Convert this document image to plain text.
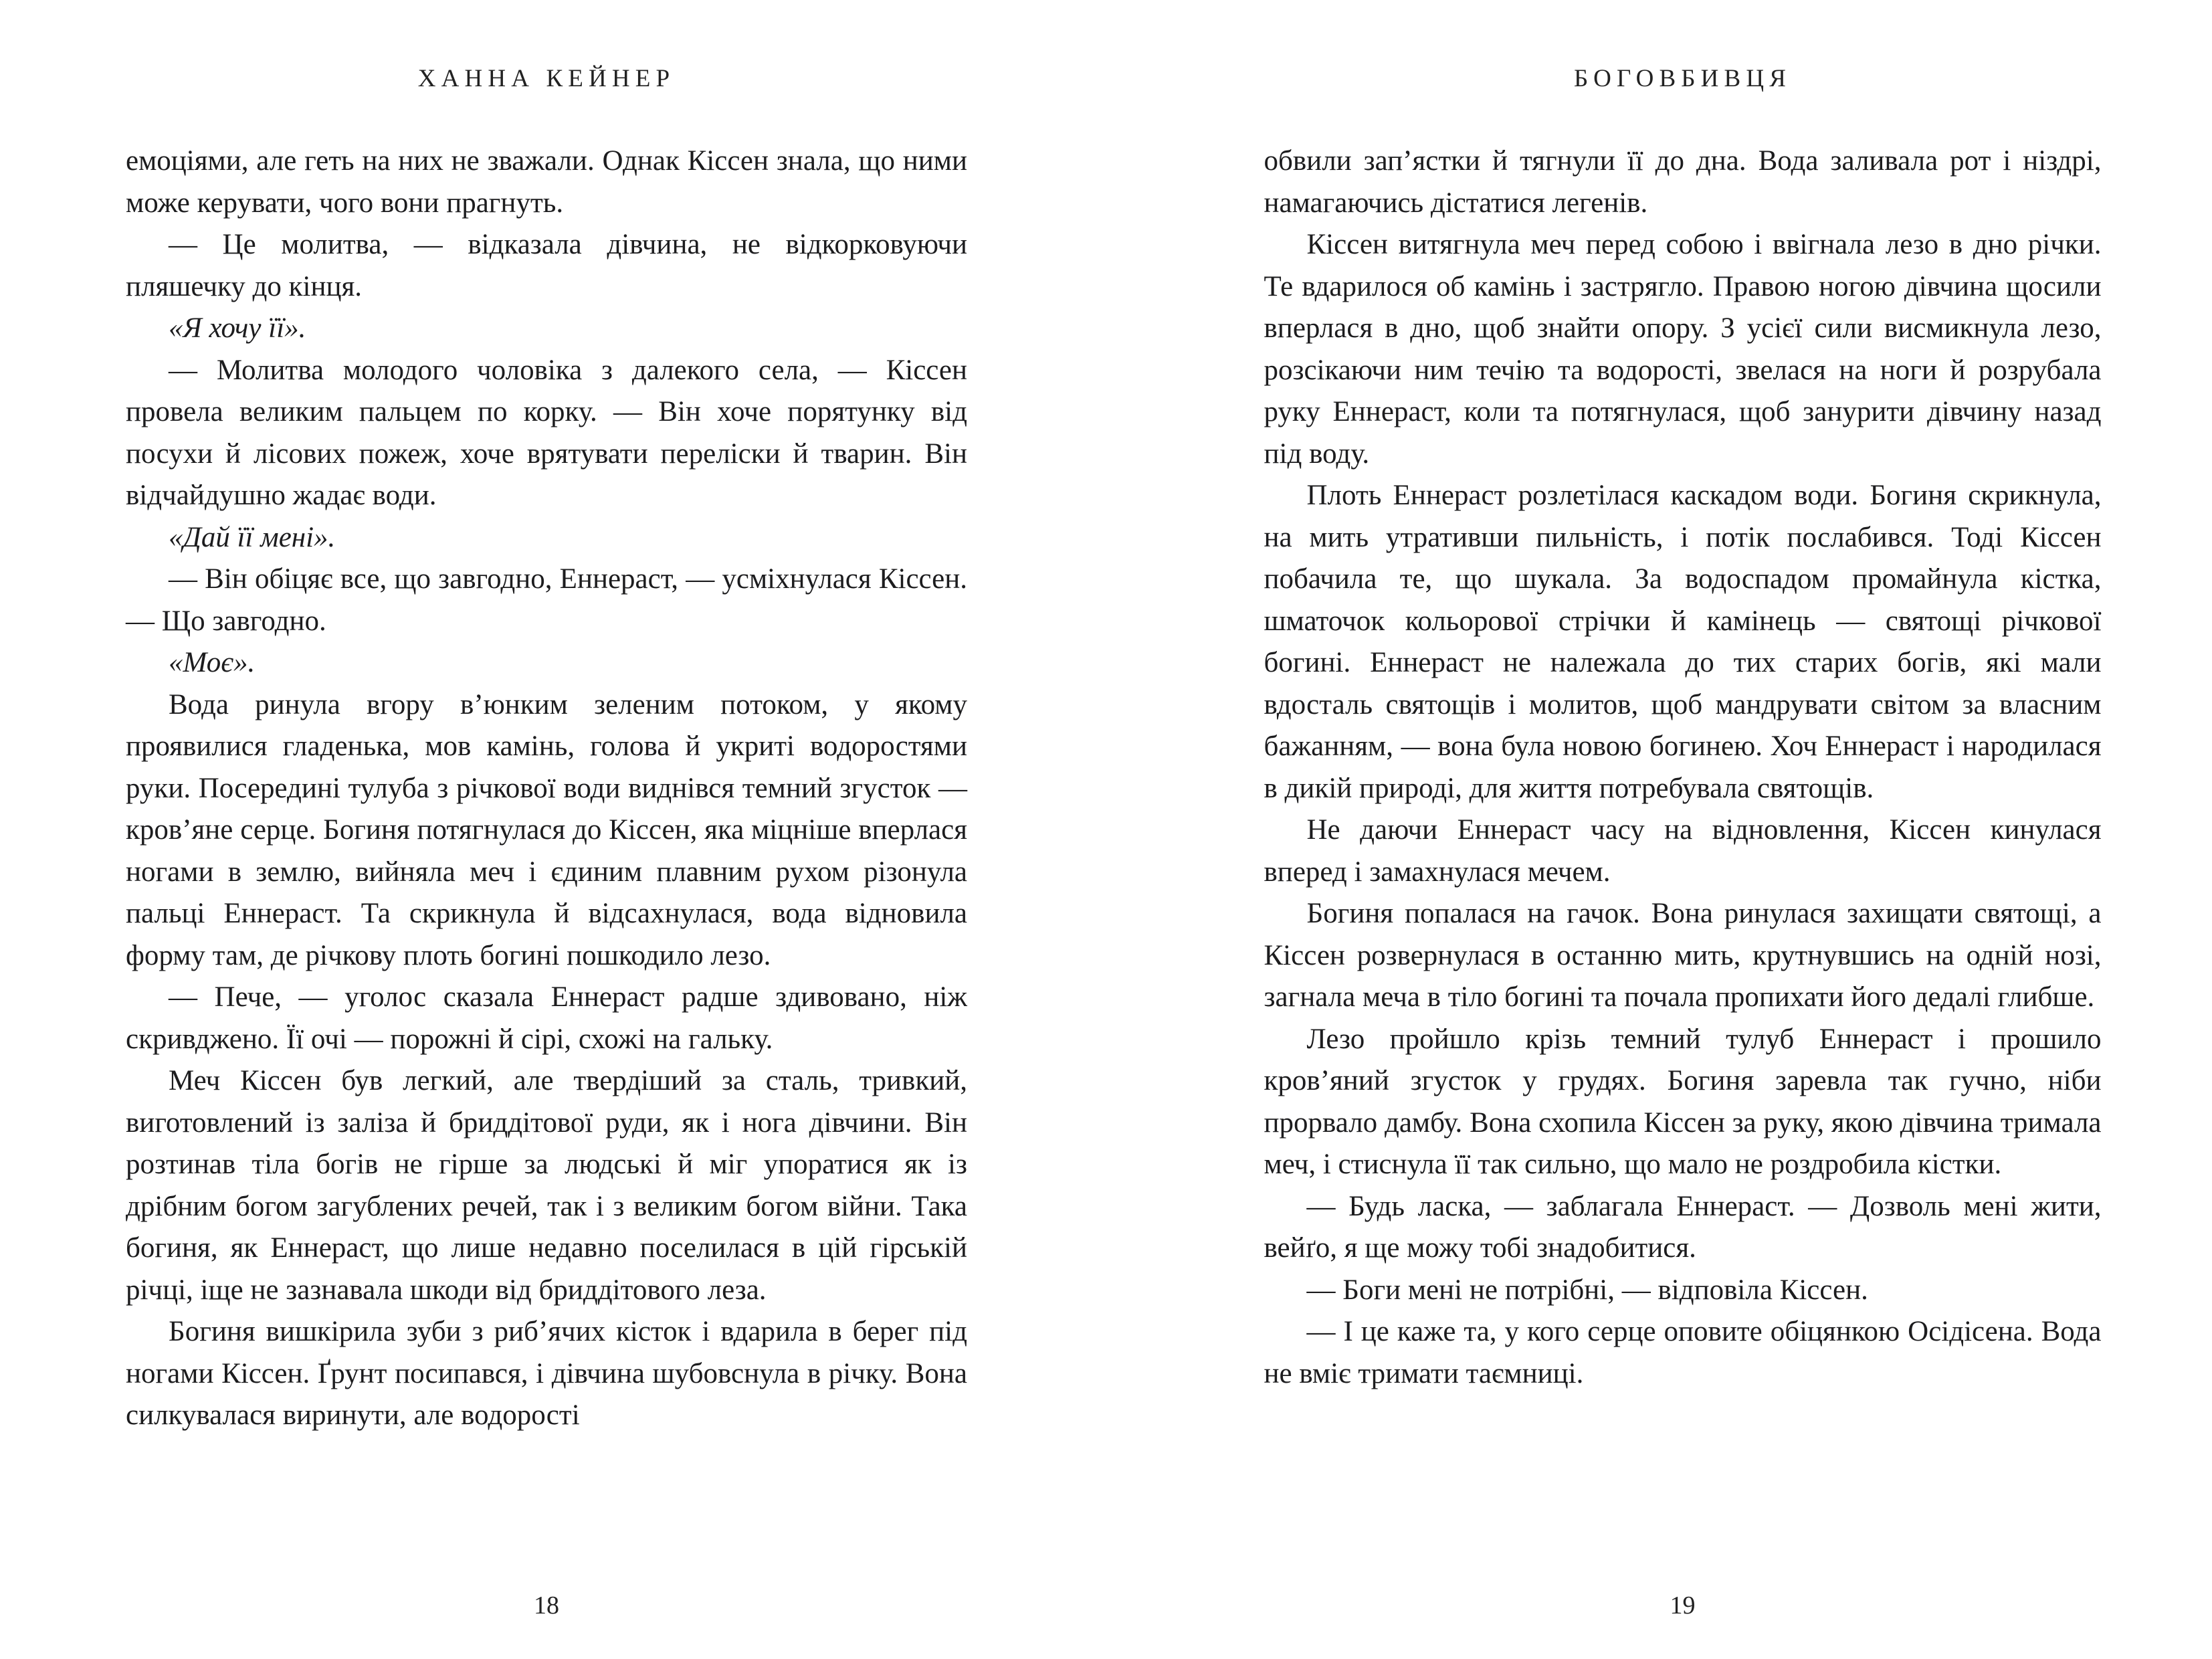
ХАННА КЕЙНЕР

емоціями, але геть на них не зважали. Однак Кіссен знала, що ними може керувати, чого вони прагнуть.

— Це молитва, — відказала дівчина, не відкорковуючи пляшечку до кінця.

«Я хочу її».

— Молитва молодого чоловіка з далекого села, — Кіссен провела великим пальцем по корку. — Він хоче порятунку від посухи й лісових пожеж, хоче врятувати переліски й тварин. Він відчайдушно жадає води.

«Дай її мені».

— Він обіцяє все, що завгодно, Еннераст, — усміхнулася Кіссен. — Що завгодно.

«Моє».

Вода ринула вгору в’юнким зеленим потоком, у якому проявилися гладенька, мов камінь, голова й укриті водоростями руки. Посередині тулуба з річкової води виднівся темний згусток — кров’яне серце. Богиня потягнулася до Кіссен, яка міцніше вперлася ногами в землю, вийняла меч і єдиним плавним рухом різонула пальці Еннераст. Та скрикнула й відсахнулася, вода відновила форму там, де річкову плоть богині пошкодило лезо.

— Пече, — уголос сказала Еннераст радше здивовано, ніж скривджено. Її очі — порожні й сірі, схожі на гальку.

Меч Кіссен був легкий, але твердіший за сталь, тривкий, виготовлений із заліза й бриддітової руди, як і нога дівчини. Він розтинав тіла богів не гірше за людські й міг упоратися як із дрібним богом загублених речей, так і з великим богом війни. Така богиня, як Еннераст, що лише недавно поселилася в цій гірській річці, іще не зазнавала шкоди від бриддітового леза.

Богиня вишкірила зуби з риб’ячих кісток і вдарила в берег під ногами Кіссен. Ґрунт посипався, і дівчина шубовснула в річку. Вона силкувалася виринути, але водорості

18
БОГОВБИВЦЯ

обвили зап’ястки й тягнули її до дна. Вода заливала рот і ніздрі, намагаючись дістатися легенів.

Кіссен витягнула меч перед собою і ввігнала лезо в дно річки. Те вдарилося об камінь і застрягло. Правою ногою дівчина щосили вперлася в дно, щоб знайти опору. З усієї сили висмикнула лезо, розсікаючи ним течію та водорості, звелася на ноги й розрубала руку Еннераст, коли та потягнулася, щоб занурити дівчину назад під воду.

Плоть Еннераст розлетілася каскадом води. Богиня скрикнула, на мить утративши пильність, і потік послабився. Тоді Кіссен побачила те, що шукала. За водоспадом промайнула кістка, шматочок кольорової стрічки й камінець — святощі річкової богині. Еннераст не належала до тих старих богів, які мали вдосталь святощів і молитов, щоб мандрувати світом за власним бажанням, — вона була новою богинею. Хоч Еннераст і народилася в дикій природі, для життя потребувала святощів.

Не даючи Еннераст часу на відновлення, Кіссен кинулася вперед і замахнулася мечем.

Богиня попалася на гачок. Вона ринулася захищати святощі, а Кіссен розвернулася в останню мить, крутнувшись на одній нозі, загнала меча в тіло богині та почала пропихати його дедалі глибше.

Лезо пройшло крізь темний тулуб Еннераст і прошило кров’яний згусток у грудях. Богиня заревла так гучно, ніби прорвало дамбу. Вона схопила Кіссен за руку, якою дівчина тримала меч, і стиснула її так сильно, що мало не роздробила кістки.

— Будь ласка, — заблагала Еннераст. — Дозволь мені жити, вейґо, я ще можу тобі знадобитися.

— Боги мені не потрібні, — відповіла Кіссен.

— І це каже та, у кого серце оповите обіцянкою Осідісена. Вода не вміє тримати таємниці.

19
